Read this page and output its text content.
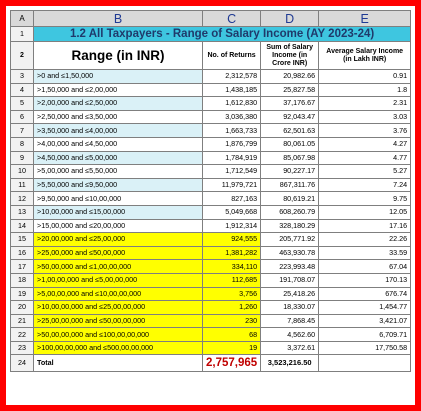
A	B	C	D	E
1	1.2 All Taxpayers - Range of Salary Income (AY 2023-24)			
2	Range (in INR)	No. of Returns	Sum of Salary Income (in Crore INR)	Average Salary Income (in Lakh INR)
3	>0 and ≤1,50,000	2,312,578	20,982.66	0.91
4	>1,50,000 and ≤2,00,000	1,438,185	25,827.58	1.8
5	>2,00,000 and ≤2,50,000	1,612,830	37,176.67	2.31
6	>2,50,000 and ≤3,50,000	3,036,380	92,043.47	3.03
7	>3,50,000 and ≤4,00,000	1,663,733	62,501.63	3.76
8	>4,00,000 and ≤4,50,000	1,876,799	80,061.05	4.27
9	>4,50,000 and ≤5,00,000	1,784,919	85,067.98	4.77
10	>5,00,000 and ≤5,50,000	1,712,549	90,227.17	5.27
11	>5,50,000 and ≤9,50,000	11,979,721	867,311.76	7.24
12	>9,50,000 and ≤10,00,000	827,163	80,619.21	9.75
13	>10,00,000 and ≤15,00,000	5,049,668	608,260.79	12.05
14	>15,00,000 and ≤20,00,000	1,912,314	328,180.29	17.16
15	>20,00,000 and ≤25,00,000	924,555	205,771.92	22.26
16	>25,00,000 and ≤50,00,000	1,381,282	463,930.78	33.59
17	>50,00,000 and ≤1,00,00,000	334,110	223,993.48	67.04
18	>1,00,00,000 and ≤5,00,00,000	112,685	191,708.07	170.13
19	>5,00,00,000 and ≤10,00,00,000	3,756	25,418.26	676.74
20	>10,00,00,000 and ≤25,00,00,000	1,260	18,330.07	1,454.77
21	>25,00,00,000 and ≤50,00,00,000	230	7,868.45	3,421.07
22	>50,00,00,000 and ≤100,00,00,000	68	4,562.60	6,709.71
23	>100,00,00,000 and ≤500,00,00,000	19	3,372.61	17,750.58
24	Total	2,757,965	3,523,216.50	
